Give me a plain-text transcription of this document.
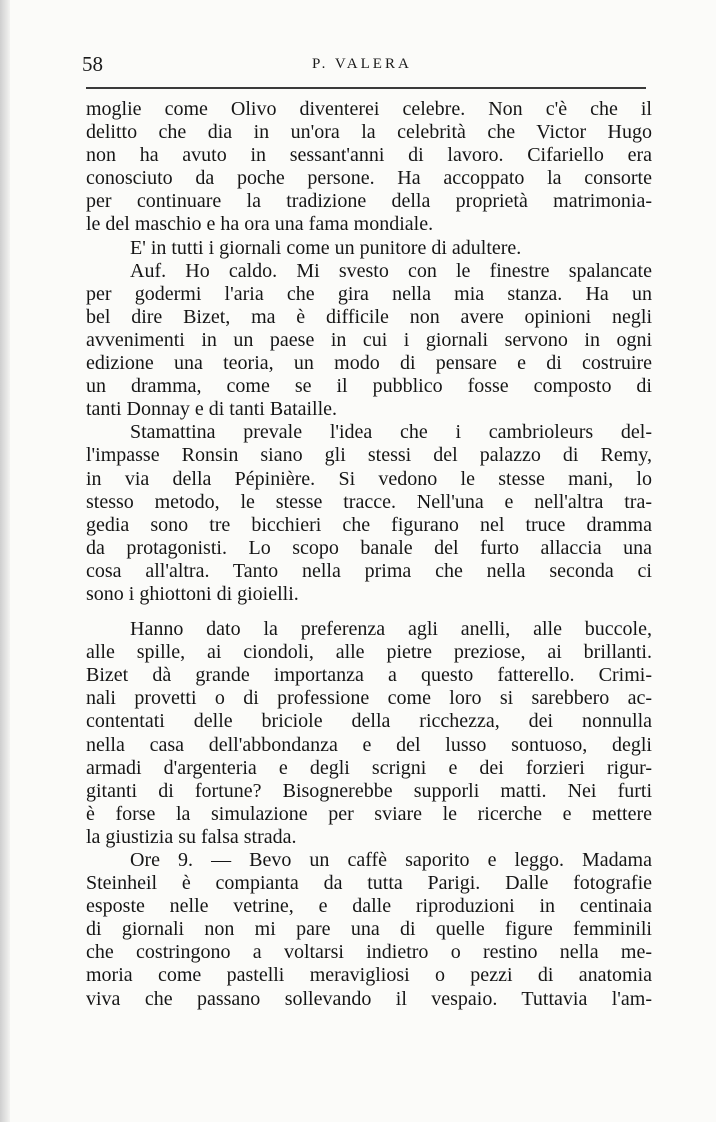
58	P. VALERA

moglie come Olivo diventerei celebre. Non c'è che il
delitto che dia in un'ora la celebrità che Victor Hugo
non ha avuto in sessant'anni di lavoro. Cifariello era
conosciuto da poche persone. Ha accoppato la consorte
per continuare la tradizione della proprietà matrimonia-
le del maschio e ha ora una fama mondiale.

E' in tutti i giornali come un punitore di adultere.

Auf. Ho caldo. Mi svesto con le finestre spalancate
per godermi l'aria che gira nella mia stanza. Ha un
bel dire Bizet, ma è difficile non avere opinioni negli
avvenimenti in un paese in cui i giornali servono in ogni
edizione una teoria, un modo di pensare e di costruire
un dramma, come se il pubblico fosse composto di
tanti Donnay e di tanti Bataille.

Stamattina prevale l'idea che i cambrioleurs del-
l'impasse Ronsin siano gli stessi del palazzo di Remy,
in via della Pépinière. Si vedono le stesse mani, lo
stesso metodo, le stesse tracce. Nell'una e nell'altra tra-
gedia sono tre bicchieri che figurano nel truce dramma
da protagonisti. Lo scopo banale del furto allaccia una
cosa all'altra. Tanto nella prima che nella seconda ci
sono i ghiottoni di gioielli.

Hanno dato la preferenza agli anelli, alle buccole,
alle spille, ai ciondoli, alle pietre preziose, ai brillanti.
Bizet dà grande importanza a questo fatterello. Crimi-
nali provetti o di professione come loro si sarebbero ac-
contentati delle briciole della ricchezza, dei nonnulla
nella casa dell'abbondanza e del lusso sontuoso, degli
armadi d'argenteria e degli scrigni e dei forzieri rigur-
gitanti di fortune? Bisognerebbe supporli matti. Nei furti
è forse la simulazione per sviare le ricerche e mettere
la giustizia su falsa strada.

Ore 9. — Bevo un caffè saporito e leggo. Madama
Steinheil è compianta da tutta Parigi. Dalle fotografie
esposte nelle vetrine, e dalle riproduzioni in centinaia
di giornali non mi pare una di quelle figure femminili
che costringono a voltarsi indietro o restino nella me-
moria come pastelli meravigliosi o pezzi di anatomia
viva che passano sollevando il vespaio. Tuttavia l'am-
